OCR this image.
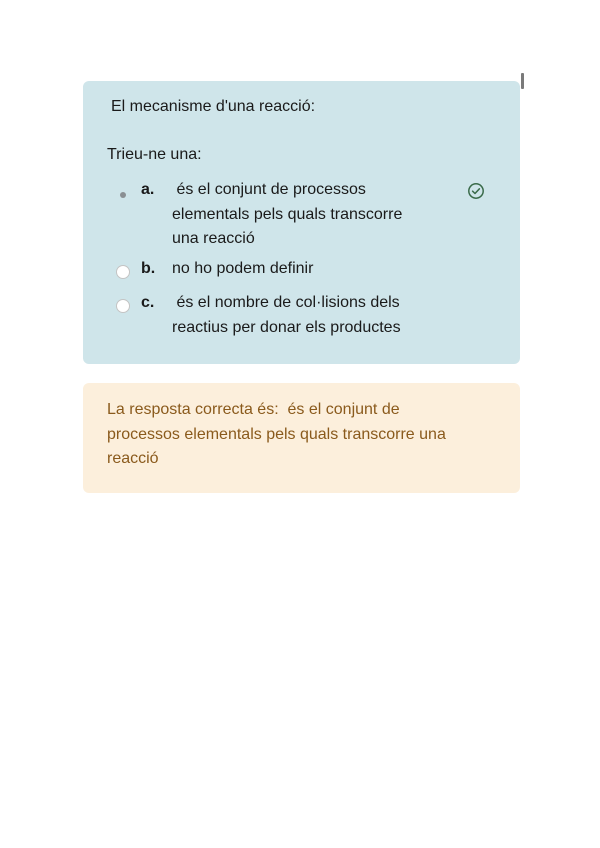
El mecanisme d'una reacció:
Trieu-ne una:
a. és el conjunt de processos
elementals pels quals transcorre
una reacció
b. no ho podem definir
c. és el nombre de col·lisions dels
reactius per donar els productes
La resposta correcta és:  és el conjunt de
processos elementals pels quals transcorre una
reacció
